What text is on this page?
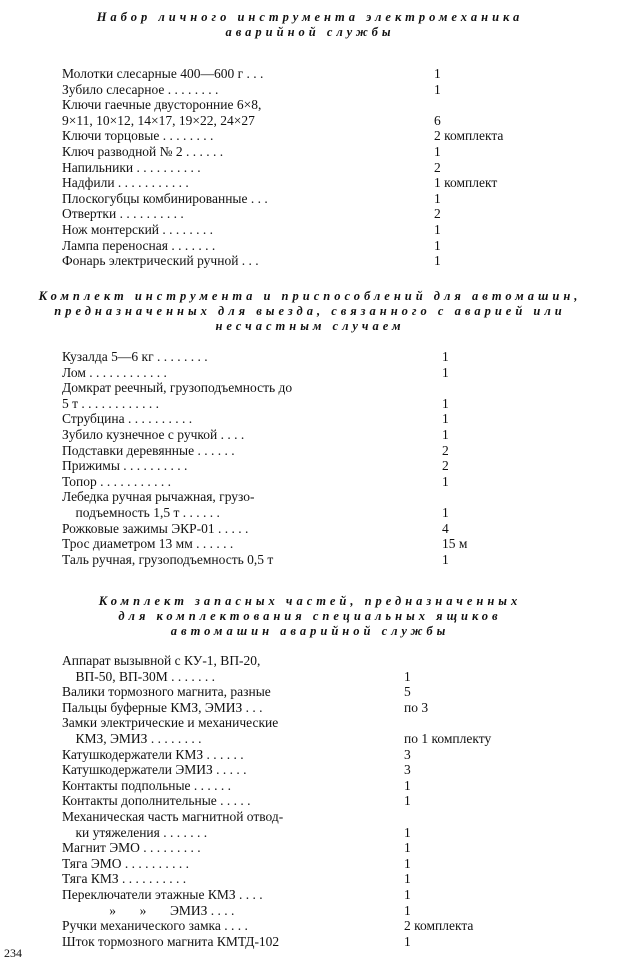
Набор личного инструмента электромеханика
аварийной службы
Молотки слесарные 400—600 г . . .	1
Зубило слесарное . . . . . . . .	1
Ключи гаечные двусторонние 6×8,
9×11, 10×12, 14×17, 19×22, 24×27	6
Ключи торцовые . . . . . . . .	2 комплекта
Ключ разводной № 2 . . . . . .	1
Напильники . . . . . . . . . .	2
Надфили . . . . . . . . . . .	1 комплект
Плоскогубцы комбинированные . . .	1
Отвертки . . . . . . . . . .	2
Нож монтерский . . . . . . . .	1
Лампа переносная . . . . . . .	1
Фонарь электрический ручной . . .	1
Комплект инструмента и приспособлений для автомашин,
предназначенных для выезда, связанного с аварией или
несчастным случаем
Кузалда 5—6 кг . . . . . . . .	1
Лом . . . . . . . . . . . .	1
Домкрат реечный, грузоподъемность до
5 т . . . . . . . . . . . .	1
Струбцина . . . . . . . . . .	1
Зубило кузнечное с ручкой . . . .	1
Подставки деревянные . . . . . .	2
Прижимы . . . . . . . . . .	2
Топор . . . . . . . . . . .	1
Лебедка ручная рычажная, грузо-
подъемность 1,5 т . . . . . .	1
Рожковые зажимы ЭКР-01 . . . . .	4
Трос диаметром 13 мм . . . . . .	15 м
Таль ручная, грузоподъемность 0,5 т	1
Комплект запасных частей, предназначенных
для комплектования специальных ящиков
автомашин аварийной службы
Аппарат вызывной с КУ-1, ВП-20,
ВП-50, ВП-30М . . . . . . .	1
Валики тормозного магнита, разные	5
Пальцы буферные КМЗ, ЭМИЗ . . .	по 3
Замки электрические и механические
КМЗ, ЭМИЗ . . . . . . . .	по 1 комплекту
Катушкодержатели КМЗ . . . . . .	3
Катушкодержатели ЭМИЗ . . . . .	3
Контакты подпольные . . . . . .	1
Контакты дополнительные . . . . .	1
Механическая часть магнитной отвод-
ки утяжеления . . . . . . .	1
Магнит ЭМО . . . . . . . . .	1
Тяга ЭМО . . . . . . . . . .	1
Тяга КМЗ . . . . . . . . . .	1
Переключатели этажные КМЗ . . . .	1
»       »       ЭМИЗ . . . .	1
Ручки механического замка . . . .	2 комплекта
Шток тормозного магнита КМТД-102	1
234
